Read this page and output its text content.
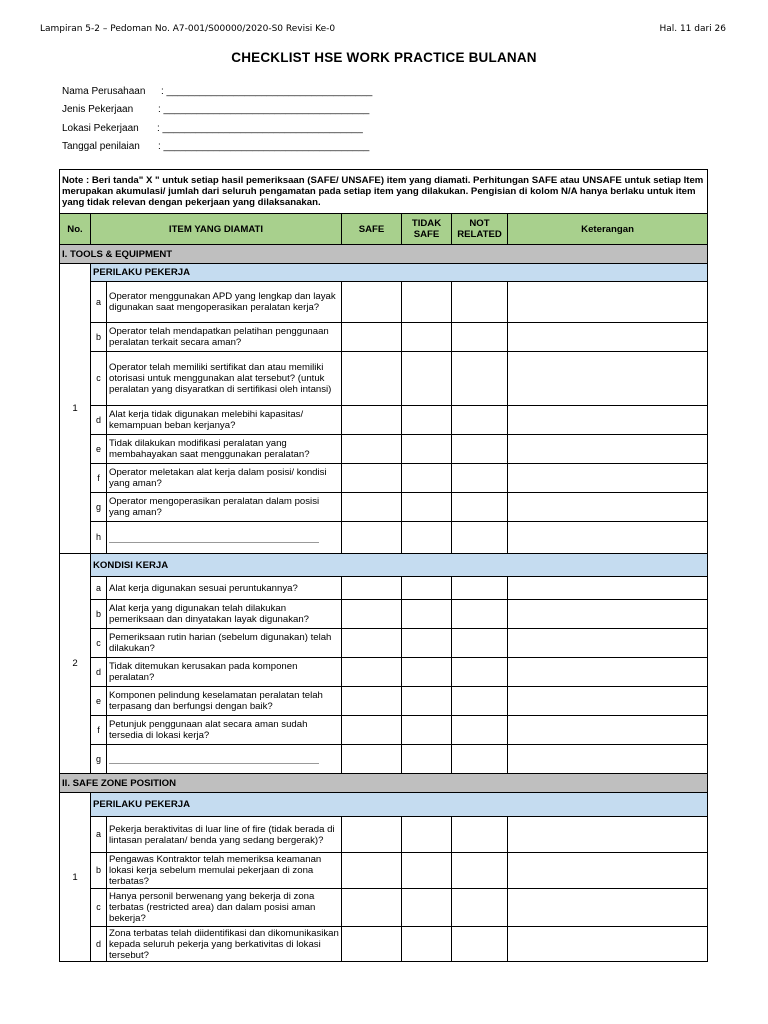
Lampiran 5-2 – Pedoman No. A7-001/S00000/2020-S0 Revisi Ke-0	Hal. 11 dari 26
CHECKLIST HSE WORK PRACTICE BULANAN
Nama Perusahaan : _____________________________________
Jenis Pekerjaan : _____________________________________
Lokasi Pekerjaan : ____________________________________
Tanggal penilaian : _____________________________________
Note : Beri tanda" X " untuk setiap hasil pemeriksaan (SAFE/ UNSAFE) item yang diamati. Perhitungan SAFE atau UNSAFE untuk setiap Item merupakan akumulasi/ jumlah dari seluruh pengamatan pada setiap item yang dilakukan. Pengisian di kolom N/A hanya berlaku untuk item yang tidak relevan dengan pekerjaan yang dilaksanakan.						
No.	ITEM YANG DIAMATI		SAFE	TIDAK SAFE	NOT RELATED	Keterangan
I. TOOLS & EQUIPMENT						
1	PERILAKU PEKERJA					
	a	Operator menggunakan APD yang lengkap dan layak digunakan saat mengoperasikan peralatan kerja?				
	b	Operator telah mendapatkan pelatihan penggunaan peralatan terkait secara aman?				
	c	Operator telah memiliki sertifikat dan atau memiliki otorisasi untuk menggunakan alat tersebut? (untuk peralatan yang disyaratkan di sertifikasi oleh intansi)				
	d	Alat kerja tidak digunakan melebihi kapasitas/ kemampuan beban kerjanya?				
	e	Tidak dilakukan modifikasi peralatan yang membahayakan saat menggunakan peralatan?				
	f	Operator meletakan alat kerja dalam posisi/ kondisi yang aman?				
	g	Operator mengoperasikan peralatan dalam posisi yang aman?				
	h	

2	KONDISI KERJA					
	a	Alat kerja digunakan sesuai peruntukannya?				
	b	Alat kerja yang digunakan telah dilakukan pemeriksaan dan dinyatakan layak digunakan?				
	c	Pemeriksaan rutin harian (sebelum digunakan) telah dilakukan?				
	d	Tidak ditemukan kerusakan pada komponen peralatan?				
	e	Komponen pelindung keselamatan peralatan telah terpasang dan berfungsi dengan baik?				
	f	Petunjuk penggunaan alat secara aman sudah tersedia di lokasi kerja?				
	g	

II. SAFE ZONE POSITION						
1	PERILAKU PEKERJA					
	a	Pekerja beraktivitas di luar line of fire (tidak berada di lintasan peralatan/ benda yang sedang bergerak)?				
	b	Pengawas Kontraktor telah memeriksa keamanan lokasi kerja sebelum memulai pekerjaan di zona terbatas?				
	c	Hanya personil berwenang yang bekerja di zona terbatas (restricted area) dan dalam posisi aman bekerja?				
	d	Zona terbatas telah diidentifikasi dan dikomunikasikan kepada seluruh pekerja yang berkativitas di lokasi tersebut?				
